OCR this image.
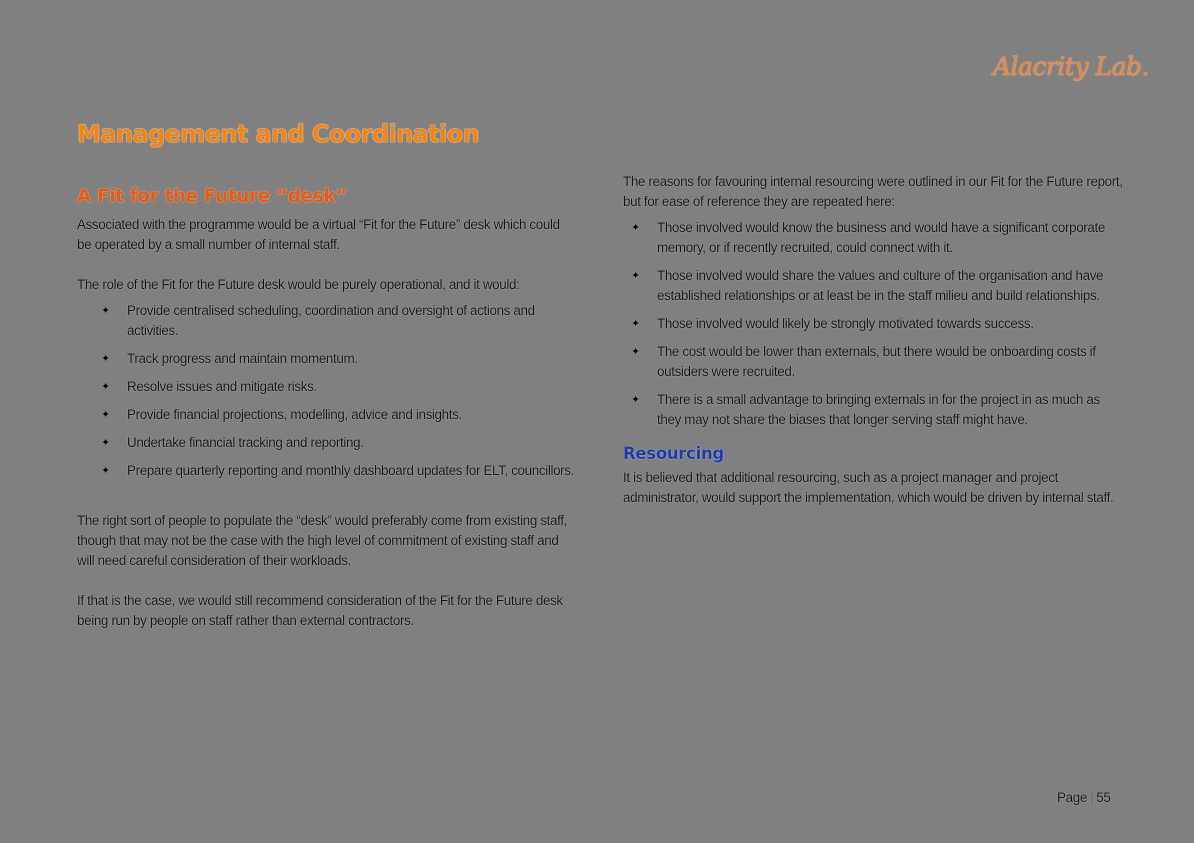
Alacrity Lab.
Management and Coordination
A Fit for the Future “desk”

Associated with the programme would be a virtual “Fit for the Future” desk which could be operated by a small number of internal staff.

The role of the Fit for the Future desk would be purely operational, and it would:

✦ Provide centralised scheduling, coordination and oversight of actions and activities.
✦ Track progress and maintain momentum.
✦ Resolve issues and mitigate risks.
✦ Provide financial projections, modelling, advice and insights.
✦ Undertake financial tracking and reporting.
✦ Prepare quarterly reporting and monthly dashboard updates for ELT, councillors.

The right sort of people to populate the “desk” would preferably come from existing staff, though that may not be the case with the high level of commitment of existing staff and will need careful consideration of their workloads.

If that is the case, we would still recommend consideration of the Fit for the Future desk being run by people on staff rather than external contractors.

The reasons for favouring internal resourcing were outlined in our Fit for the Future report, but for ease of reference they are repeated here:

✦ Those involved would know the business and would have a significant corporate memory, or if recently recruited, could connect with it.
✦ Those involved would share the values and culture of the organisation and have established relationships or at least be in the staff milieu and build relationships.
✦ Those involved would likely be strongly motivated towards success.
✦ The cost would be lower than externals, but there would be onboarding costs if outsiders were recruited.
✦ There is a small advantage to bringing externals in for the project in as much as they may not share the biases that longer serving staff might have.
Resourcing

It is believed that additional resourcing, such as a project manager and project administrator, would support the implementation, which would be driven by internal staff.

Page | 55
